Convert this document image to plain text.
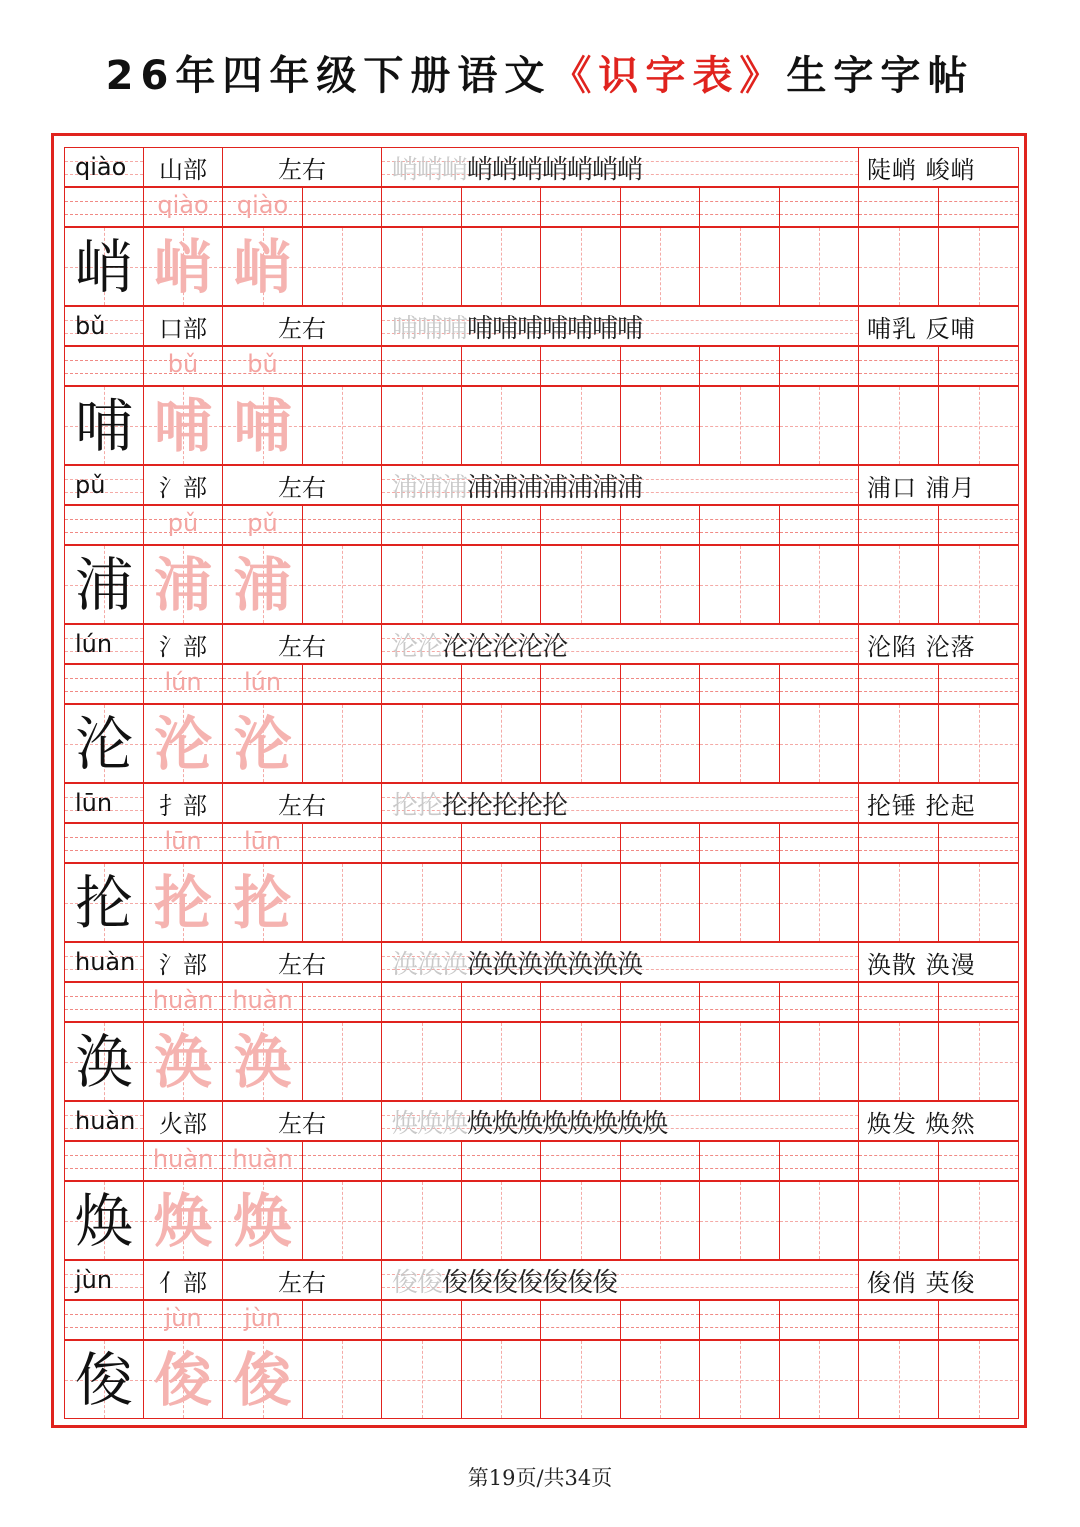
26年四年级下册语文《识字表》生字字帖
qiào	山部	左右	峭峭峭峭峭峭峭峭峭峭	陡峭 峻峭
峭
qiào
峭
qiào
峭
bǔ	口部	左右	哺哺哺哺哺哺哺哺哺哺	哺乳 反哺
哺
bǔ
哺
bǔ
哺
pǔ	氵部	左右	浦浦浦浦浦浦浦浦浦浦	浦口 浦月
浦
pǔ
浦
pǔ
浦
lún	氵部	左右	沦沦沦沦沦沦沦	沦陷 沦落
沦
lún
沦
lún
沦
lūn	扌部	左右	抡抡抡抡抡抡抡	抡锤 抡起
抡
lūn
抡
lūn
抡
huàn 氵部	左右	涣涣涣涣涣涣涣涣涣涣	涣散 涣漫
涣
huàn
涣
huàn
涣
huàn 火部	左右	焕焕焕焕焕焕焕焕焕焕焕	焕发 焕然
焕
huàn
焕
huàn
焕
jùn	亻部	左右	俊俊俊俊俊俊俊俊俊	俊俏 英俊
俊
jùn
俊
jùn
俊
第19页/共34页
